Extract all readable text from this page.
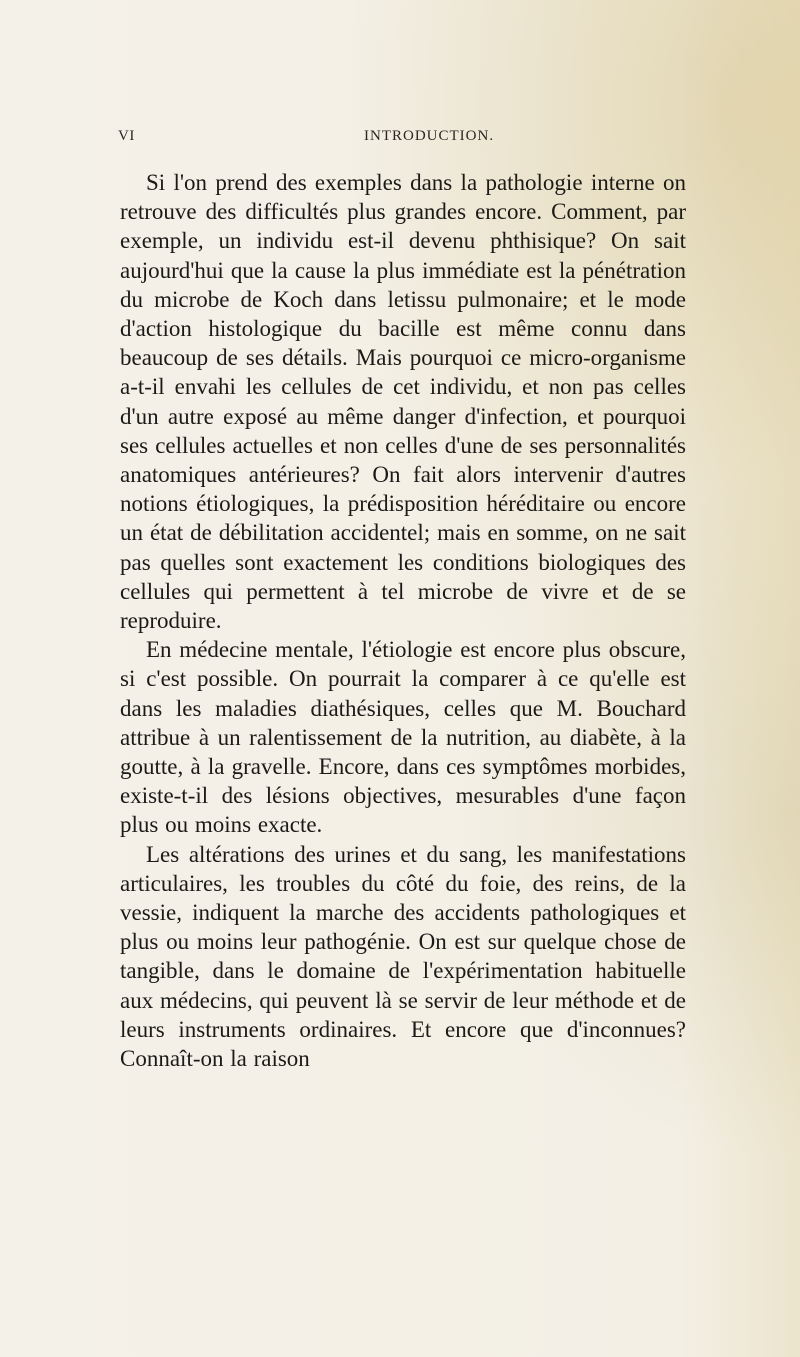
VI	INTRODUCTION.

Si l'on prend des exemples dans la pathologie interne on retrouve des difficultés plus grandes encore. Comment, par exemple, un individu est-il devenu phthisique? On sait aujourd'hui que la cause la plus immédiate est la pénétration du microbe de Koch dans letissu pulmonaire; et le mode d'action histologique du bacille est même connu dans beaucoup de ses détails. Mais pourquoi ce micro-organisme a-t-il envahi les cellules de cet individu, et non pas celles d'un autre exposé au même danger d'infection, et pourquoi ses cellules actuelles et non celles d'une de ses personnalités anatomiques antérieures? On fait alors intervenir d'autres notions étiologiques, la prédisposition héréditaire ou encore un état de débilitation accidentel; mais en somme, on ne sait pas quelles sont exactement les conditions biologiques des cellules qui permettent à tel microbe de vivre et de se reproduire.

En médecine mentale, l'étiologie est encore plus obscure, si c'est possible. On pourrait la comparer à ce qu'elle est dans les maladies diathésiques, celles que M. Bouchard attribue à un ralentissement de la nutrition, au diabète, à la goutte, à la gravelle. Encore, dans ces symptômes morbides, existe-t-il des lésions objectives, mesurables d'une façon plus ou moins exacte.

Les altérations des urines et du sang, les manifestations articulaires, les troubles du côté du foie, des reins, de la vessie, indiquent la marche des accidents pathologiques et plus ou moins leur pathogénie. On est sur quelque chose de tangible, dans le domaine de l'expérimentation habituelle aux médecins, qui peuvent là se servir de leur méthode et de leurs instruments ordinaires. Et encore que d'inconnues? Connaît-on la raison
